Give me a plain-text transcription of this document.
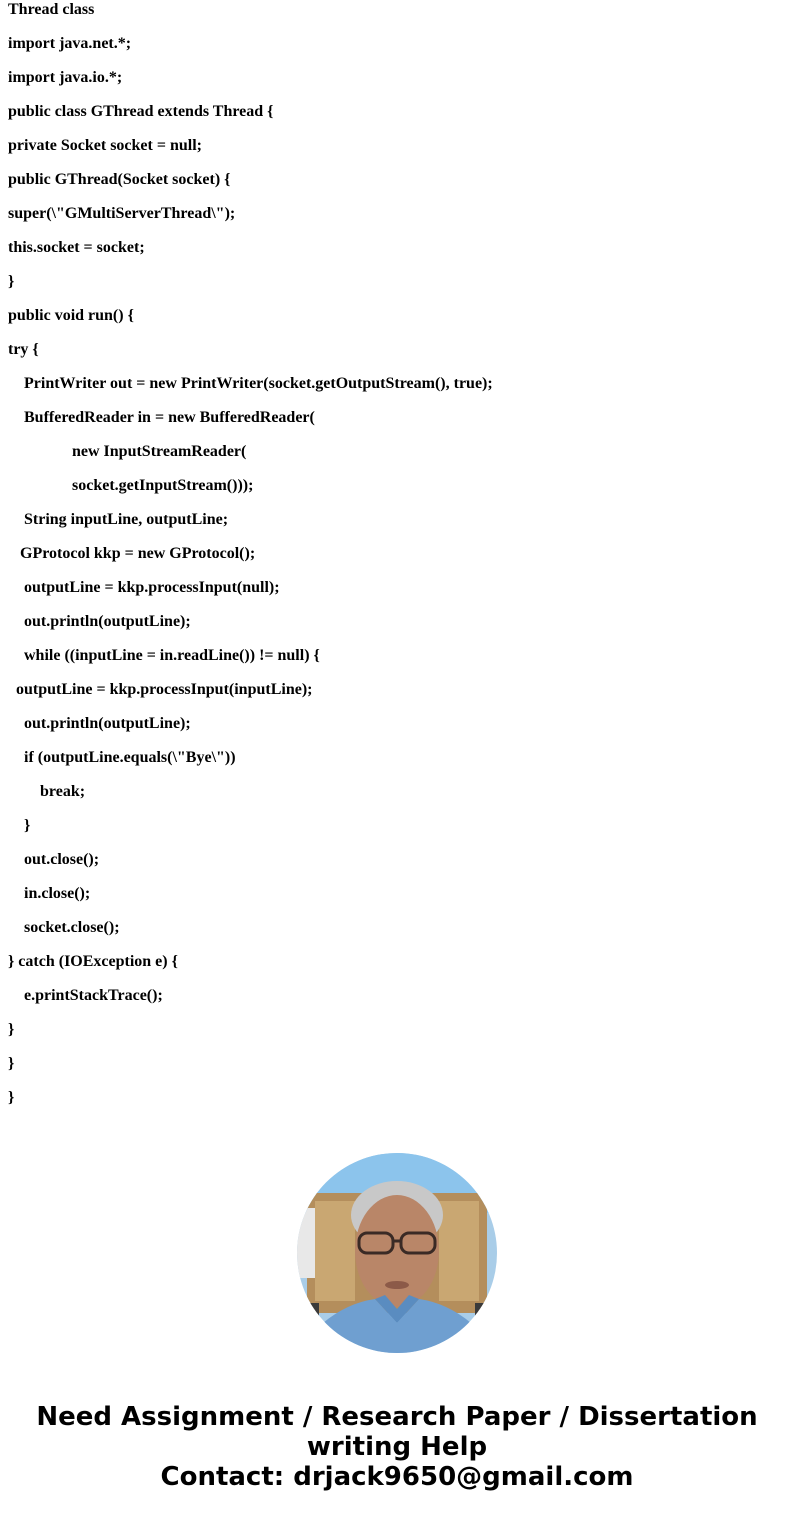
Thread class
import java.net.*;
import java.io.*;
public class GThread extends Thread {
private Socket socket = null;
public GThread(Socket socket) {
super(\"GMultiServerThread\");
this.socket = socket;
}
public void run() {
try {
PrintWriter out = new PrintWriter(socket.getOutputStream(), true);
BufferedReader in = new BufferedReader(
new InputStreamReader(
socket.getInputStream()));
String inputLine, outputLine;
GProtocol kkp = new GProtocol();
outputLine = kkp.processInput(null);
out.println(outputLine);
while ((inputLine = in.readLine()) != null) {
outputLine = kkp.processInput(inputLine);
out.println(outputLine);
if (outputLine.equals(\"Bye\"))
break;
}
out.close();
in.close();
socket.close();
} catch (IOException e) {
e.printStackTrace();
}
}
}
Need Assignment / Research Paper / Dissertation
writing Help
Contact: drjack9650@gmail.com
